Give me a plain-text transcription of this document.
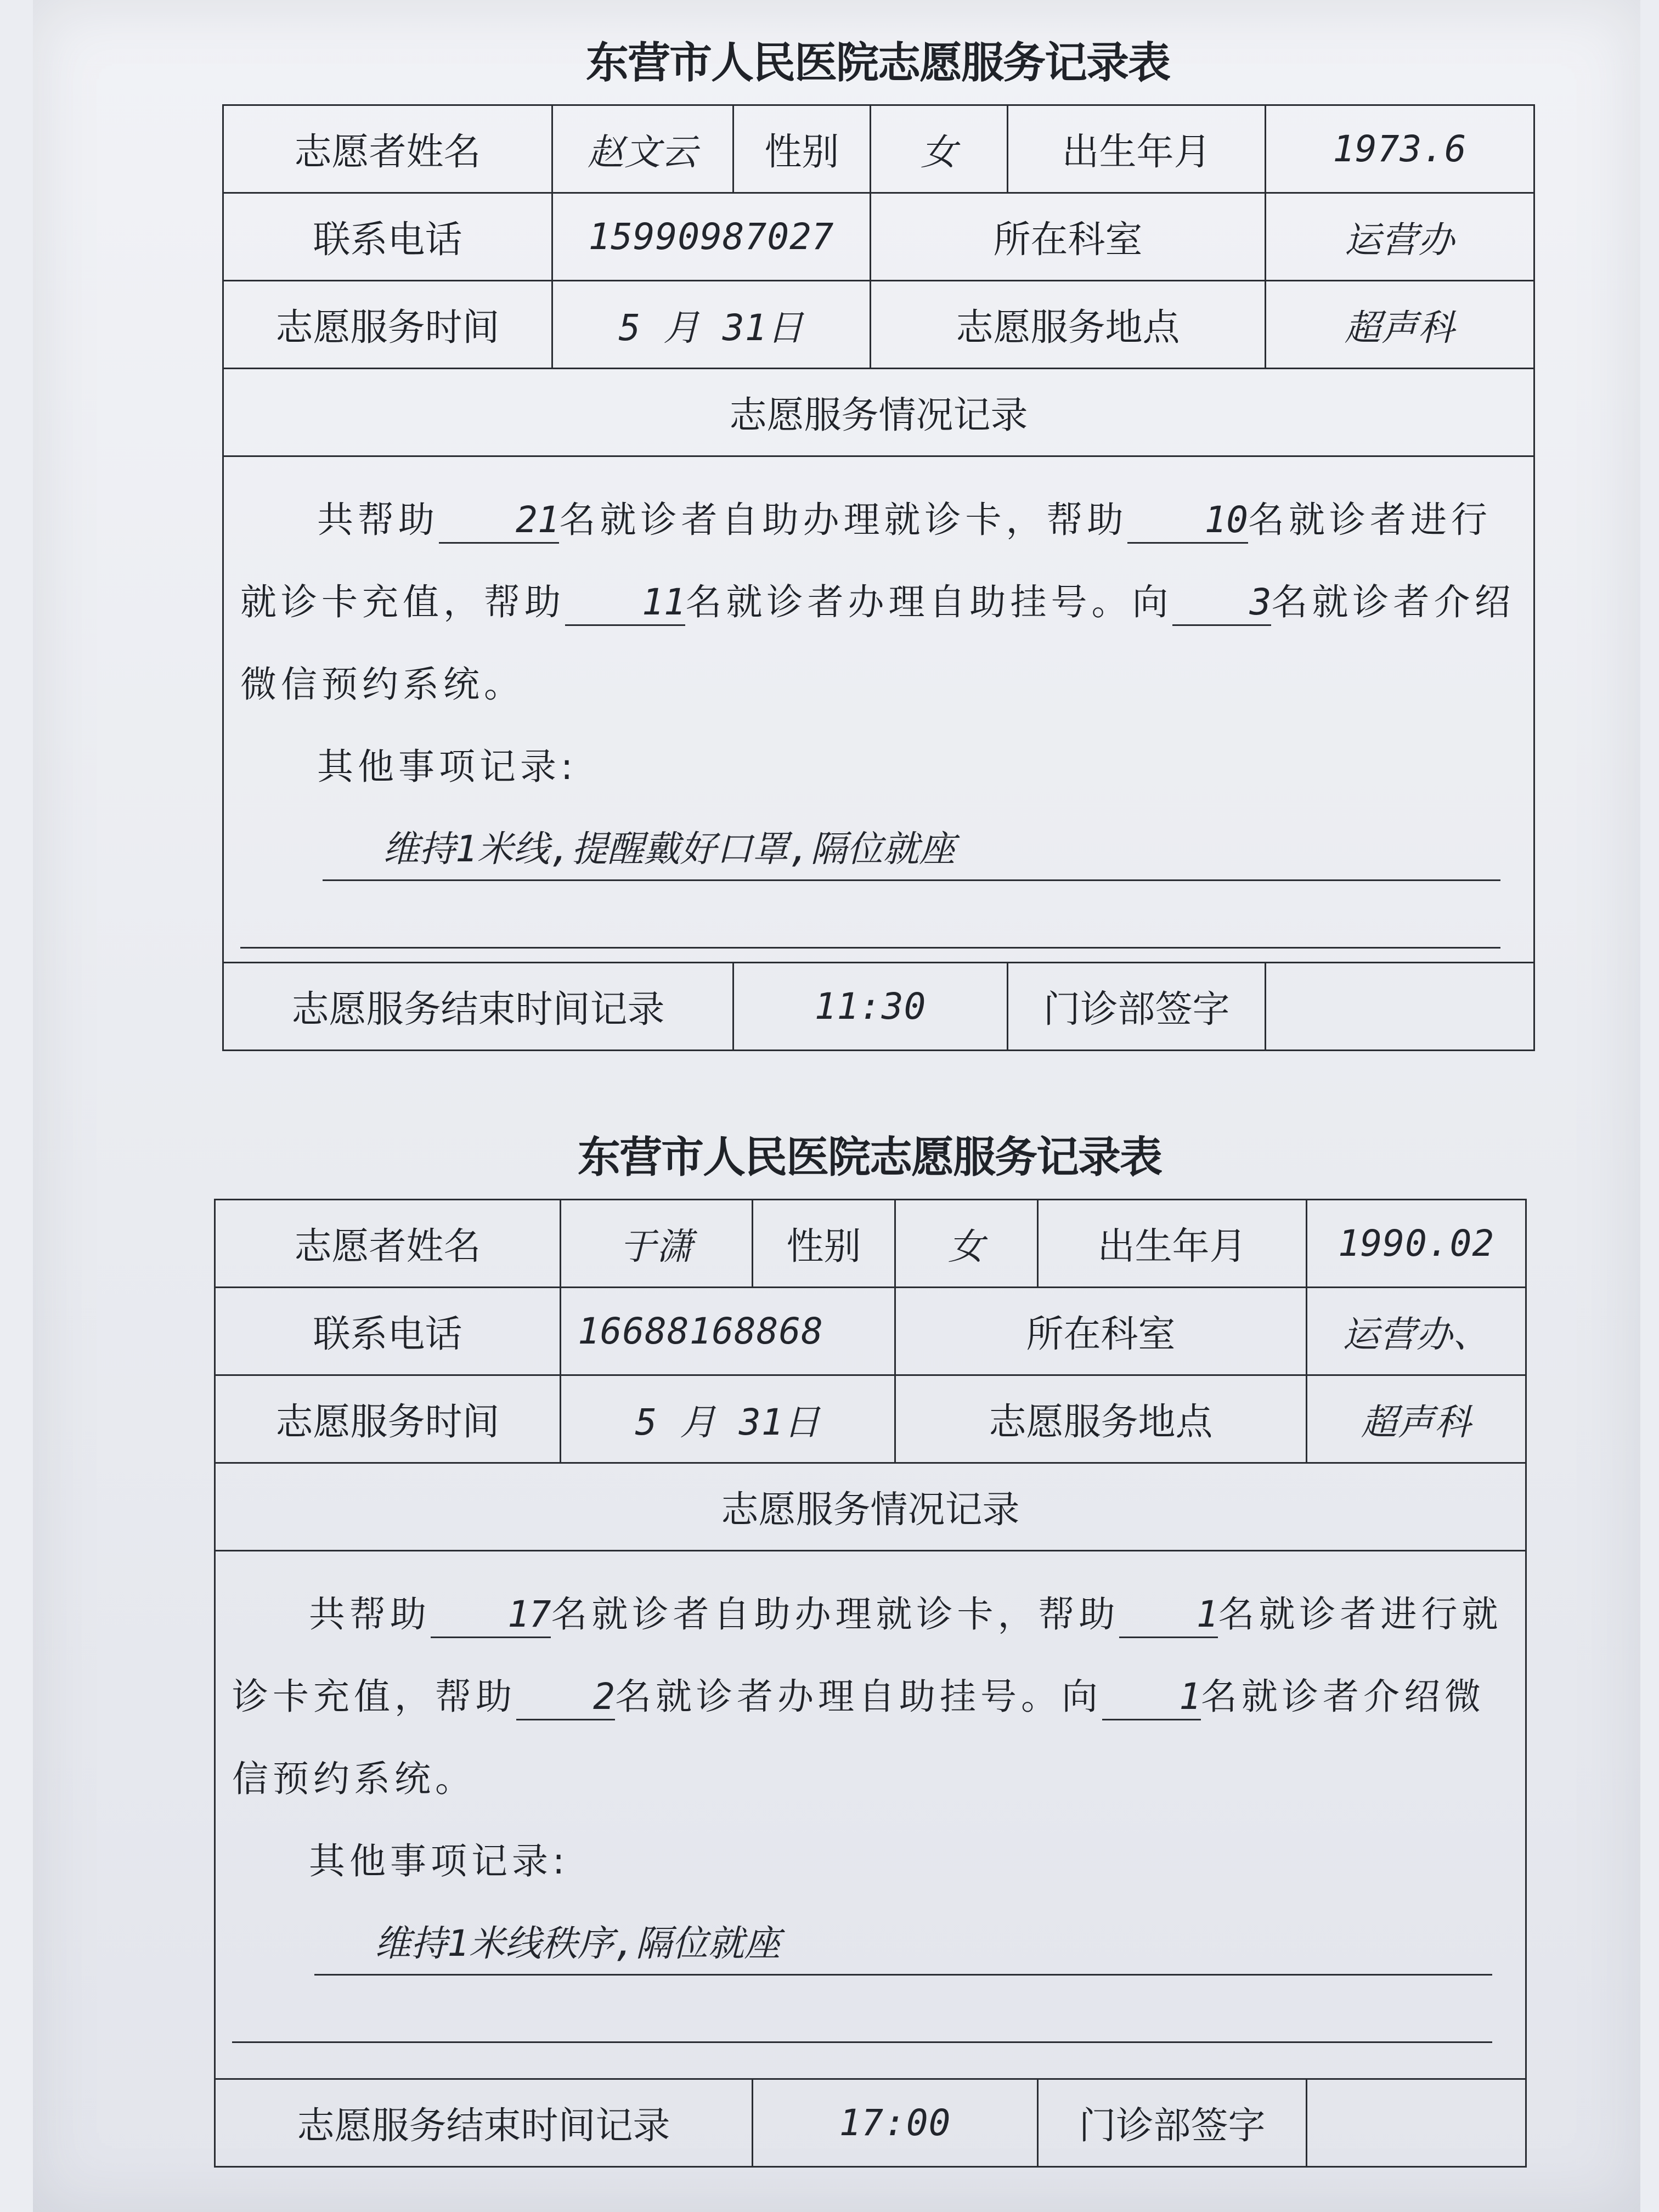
东营市人民医院志愿服务记录表
志愿者姓名	赵文云	性别	女	出生年月	1973.6
联系电话	15990987027		所在科室		运营办
志愿服务时间	5 月 31日		志愿服务地点		超声科
志愿服务情况记录					

共帮助 21名就诊者自助办理就诊卡，帮助 10名就诊者进行就诊卡充值，帮助 11名就诊者办理自助挂号。向 3名就诊者介绍微信预约系统。
其他事项记录:
维持1米线,提醒戴好口罩,隔位就座					

志愿服务结束时间记录		11:30		门诊部签字	
东营市人民医院志愿服务记录表
志愿者姓名	于潇	性别	女	出生年月	1990.02
联系电话	16688168868		所在科室		运营办、
志愿服务时间	5 月 31日		志愿服务地点		超声科
志愿服务情况记录					

共帮助 17名就诊者自助办理就诊卡，帮助 1名就诊者进行就诊卡充值，帮助 2名就诊者办理自助挂号。向 1名就诊者介绍微信预约系统。
其他事项记录:
维持1米线秩序,隔位就座					

志愿服务结束时间记录		17:00		门诊部签字	
